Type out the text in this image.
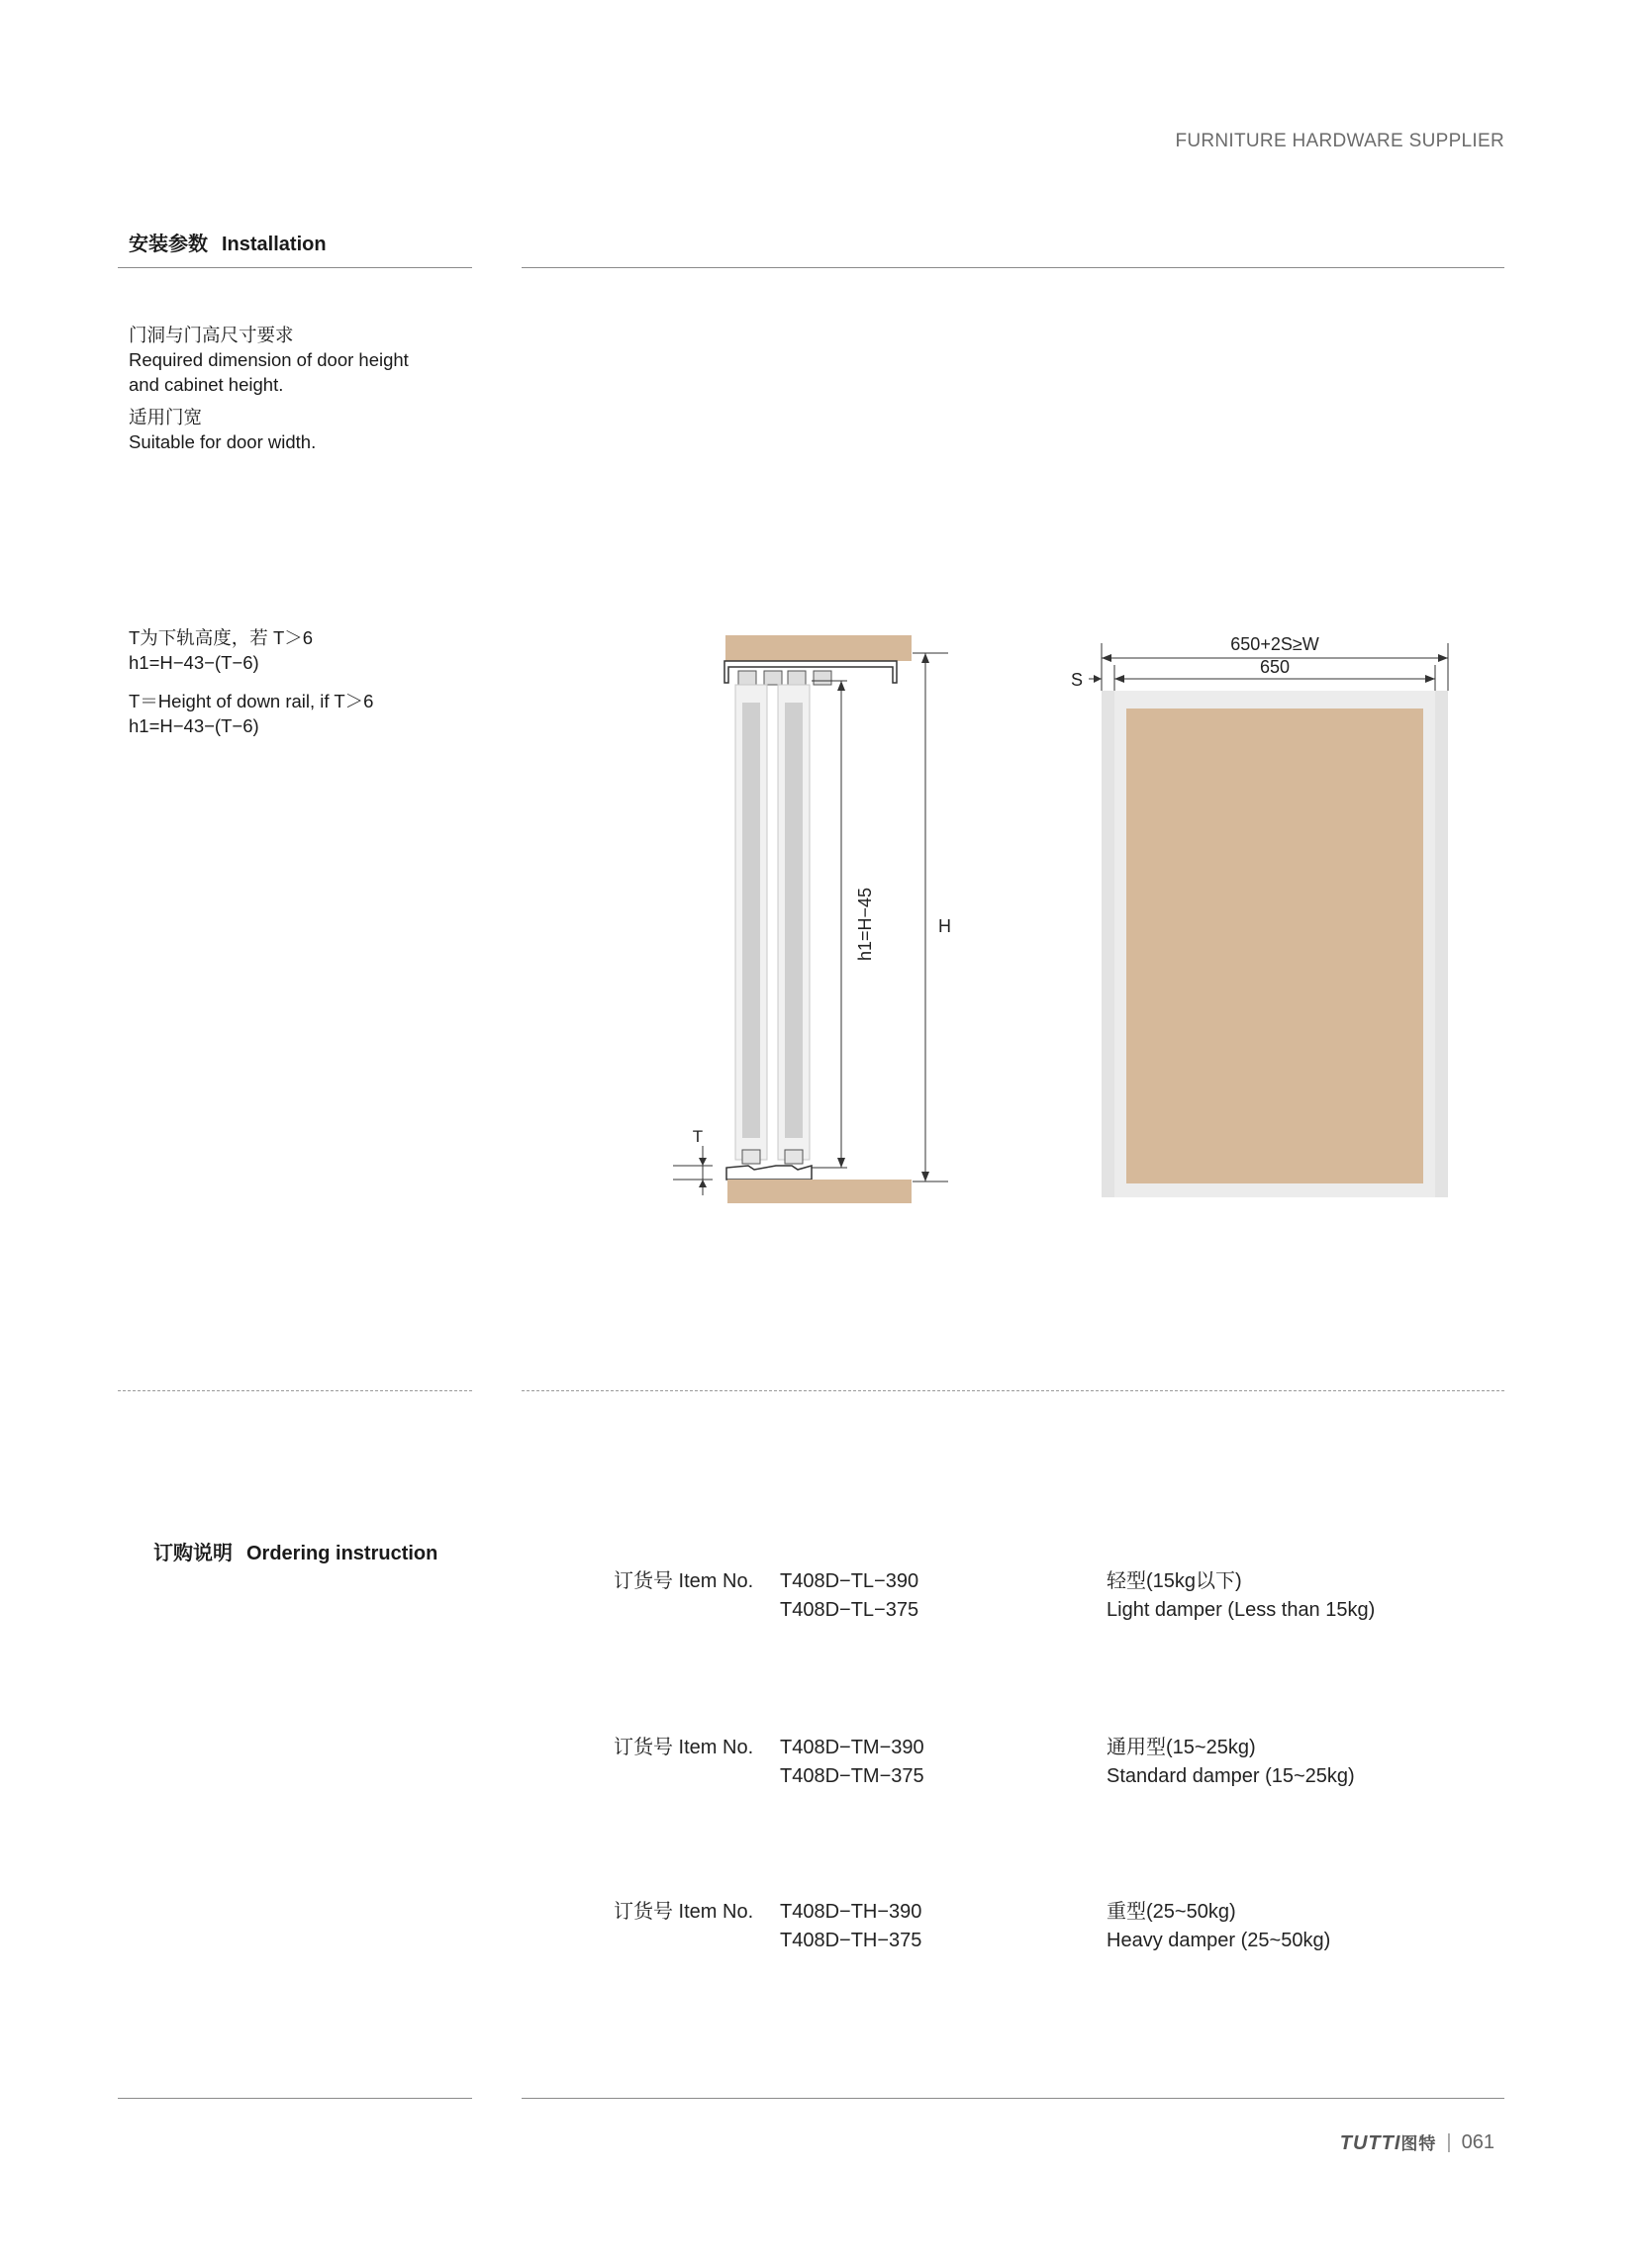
FURNITURE HARDWARE SUPPLIER
安装参数 Installation
门洞与门高尺寸要求
Required dimension of door height
and cabinet height.
适用门宽
Suitable for door width.
T为下轨高度，若 T＞6
h1=H−43−(T−6)
T＝Height of down rail, if T＞6
h1=H−43−(T−6)
h1=H−45	H
T
650+2S≥W
650
S
订购说明 Ordering instruction
订货号 Item No. T408D−TL−390
T408D−TL−375
轻型(15kg以下)
Light damper (Less than 15kg)
订货号 Item No. T408D−TM−390
T408D−TM−375
通用型(15~25kg)
Standard damper (15~25kg)
订货号 Item No. T408D−TH−390
T408D−TH−375
重型(25~50kg)
Heavy damper (25~50kg)
TUTTI图特 | 061
